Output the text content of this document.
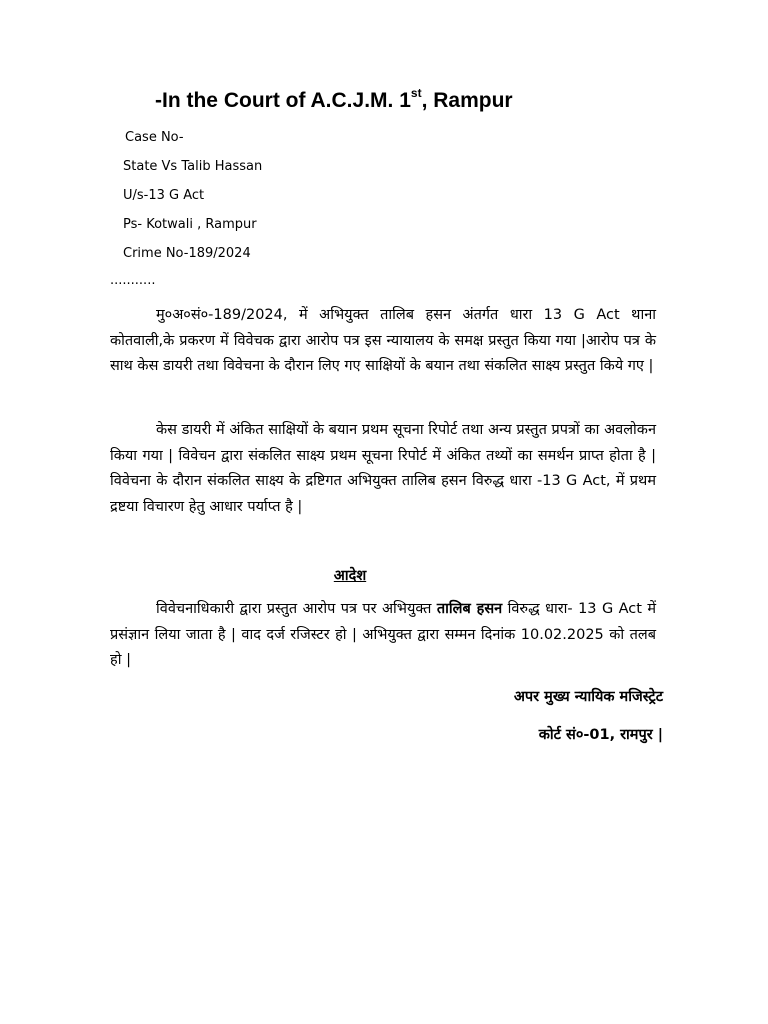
-In the Court of A.C.J.M. 1st, Rampur
Case No-
State Vs Talib Hassan
U/s-13 G Act
Ps- Kotwali , Rampur
Crime No-189/2024
...........
मु०अ०सं०-189/2024, में अभियुक्त तालिब हसन अंतर्गत धारा 13 G Act थाना कोतवाली,के प्रकरण में विवेचक द्वारा आरोप पत्र इस न्यायालय के समक्ष प्रस्तुत किया गया |आरोप पत्र के साथ केस डायरी तथा विवेचना के दौरान लिए गए साक्षियों के बयान तथा संकलित साक्ष्य प्रस्तुत किये गए |
केस डायरी में अंकित साक्षियों के बयान प्रथम सूचना रिपोर्ट तथा अन्य प्रस्तुत प्रपत्रों का अवलोकन किया गया | विवेचन द्वारा संकलित साक्ष्य प्रथम सूचना रिपोर्ट में अंकित तथ्यों का समर्थन प्राप्त होता है | विवेचना के दौरान संकलित साक्ष्य के द्रष्टिगत अभियुक्त तालिब हसन विरुद्ध धारा -13 G Act, में प्रथम द्रष्टया विचारण हेतु आधार पर्याप्त है |
आदेश
विवेचनाधिकारी द्वारा प्रस्तुत आरोप पत्र पर अभियुक्त तालिब हसन विरुद्ध धारा- 13 G Act में प्रसंज्ञान लिया जाता है | वाद दर्ज रजिस्टर हो | अभियुक्त द्वारा सम्मन दिनांक 10.02.2025 को तलब हो |
अपर मुख्य न्यायिक मजिस्ट्रेट
कोर्ट सं०-01, रामपुर |
